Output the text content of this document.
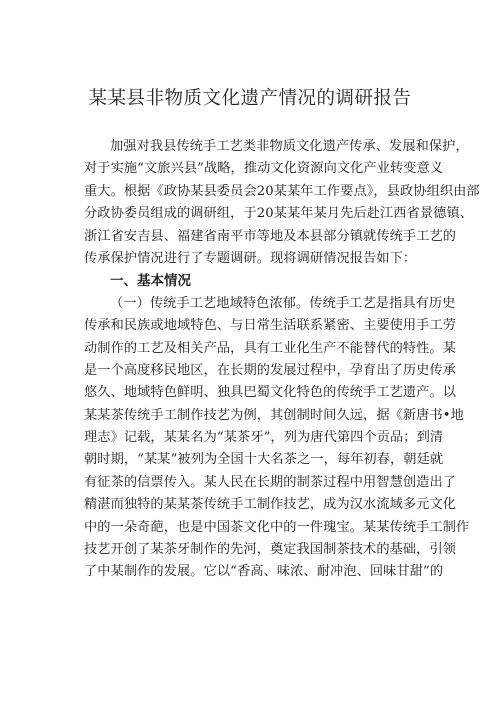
某某县非物质文化遗产情况的调研报告
加强对我县传统手工艺类非物质文化遗产传承、发展和保护，
对于实施“文旅兴县”战略，推动文化资源向文化产业转变意义
重大。根据《政协某县委员会20某某年工作要点》，县政协组织由部
分政协委员组成的调研组，于20某某年某月先后赴江西省景德镇、
浙江省安吉县、福建省南平市等地及本县部分镇就传统手工艺的
传承保护情况进行了专题调研。现将调研情况报告如下：
一、基本情况
（一）传统手工艺地域特色浓郁。传统手工艺是指具有历史
传承和民族或地域特色、与日常生活联系紧密、主要使用手工劳
动制作的工艺及相关产品，具有工业化生产不能替代的特性。某
是一个高度移民地区，在长期的发展过程中，孕育出了历史传承
悠久、地域特色鲜明、独具巴蜀文化特色的传统手工艺遗产。以
某某茶传统手工制作技艺为例，其创制时间久远，据《新唐书•地
理志》记载，某某名为“某茶牙”，列为唐代第四个贡品；到清
朝时期，“某某”被列为全国十大名茶之一，每年初春，朝廷就
有征茶的信票传入。某人民在长期的制茶过程中用智慧创造出了
精湛而独特的某某茶传统手工制作技艺，成为汉水流域多元文化
中的一朵奇葩，也是中国茶文化中的一件瑰宝。某某传统手工制作
技艺开创了某茶牙制作的先河，奠定我国制茶技术的基础，引领
了中某制作的发展。它以“香高、味浓、耐冲泡、回味甘甜”的
